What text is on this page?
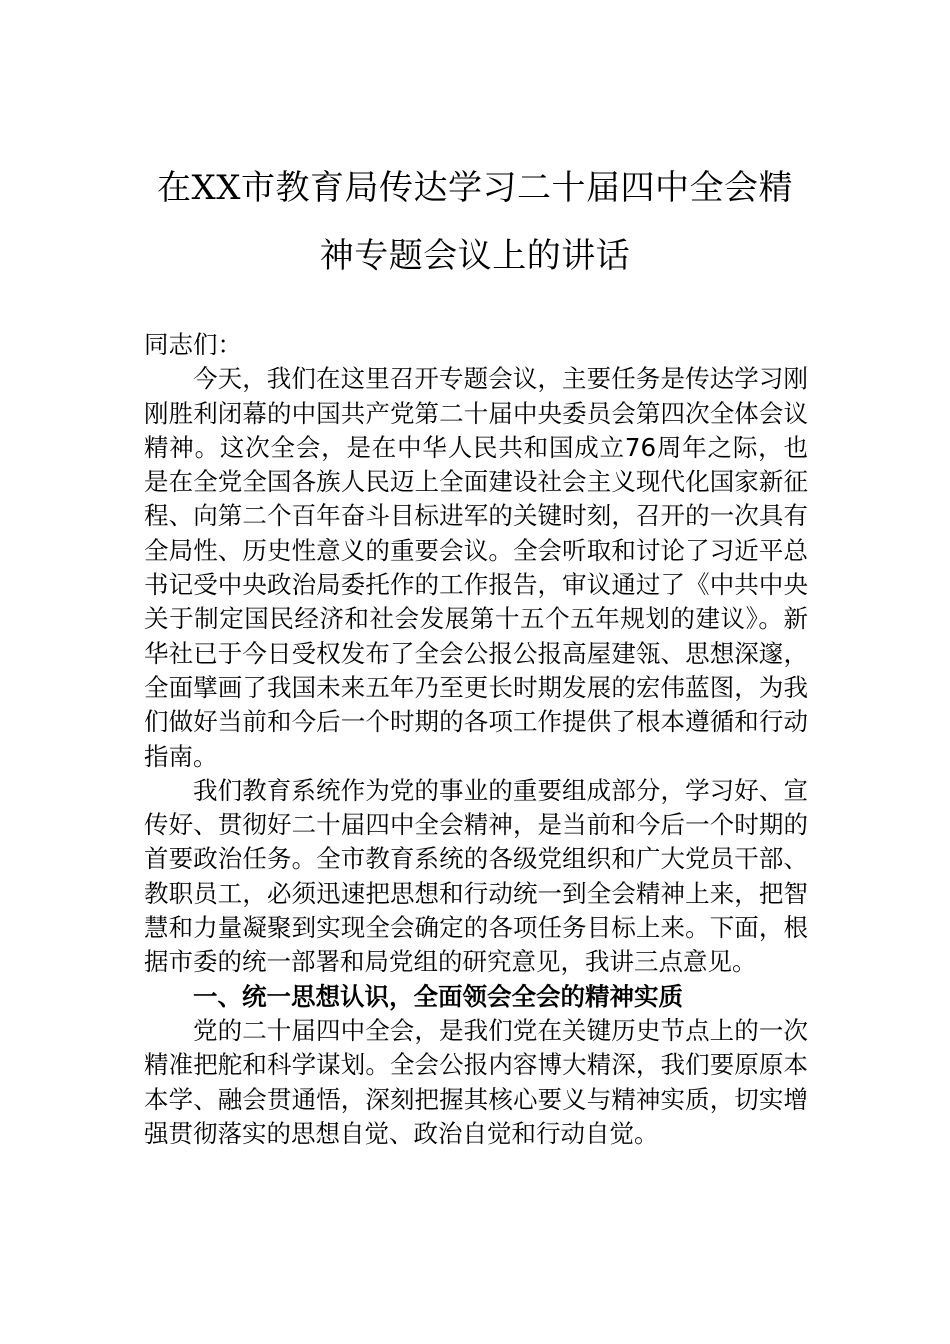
在XX市教育局传达学习二十届四中全会精
神专题会议上的讲话

同志们：

今天，我们在这里召开专题会议，主要任务是传达学习刚刚胜利闭幕的中国共产党第二十届中央委员会第四次全体会议精神。这次全会，是在中华人民共和国成立76周年之际，也是在全党全国各族人民迈上全面建设社会主义现代化国家新征程、向第二个百年奋斗目标进军的关键时刻，召开的一次具有全局性、历史性意义的重要会议。全会听取和讨论了习近平总书记受中央政治局委托作的工作报告，审议通过了《中共中央关于制定国民经济和社会发展第十五个五年规划的建议》。新华社已于今日受权发布了全会公报公报高屋建瓴、思想深邃，全面擘画了我国未来五年乃至更长时期发展的宏伟蓝图，为我们做好当前和今后一个时期的各项工作提供了根本遵循和行动指南。

我们教育系统作为党的事业的重要组成部分，学习好、宣传好、贯彻好二十届四中全会精神，是当前和今后一个时期的首要政治任务。全市教育系统的各级党组织和广大党员干部、教职员工，必须迅速把思想和行动统一到全会精神上来，把智慧和力量凝聚到实现全会确定的各项任务目标上来。下面，根据市委的统一部署和局党组的研究意见，我讲三点意见。

一、统一思想认识，全面领会全会的精神实质

党的二十届四中全会，是我们党在关键历史节点上的一次精准把舵和科学谋划。全会公报内容博大精深，我们要原原本本学、融会贯通悟，深刻把握其核心要义与精神实质，切实增强贯彻落实的思想自觉、政治自觉和行动自觉。
